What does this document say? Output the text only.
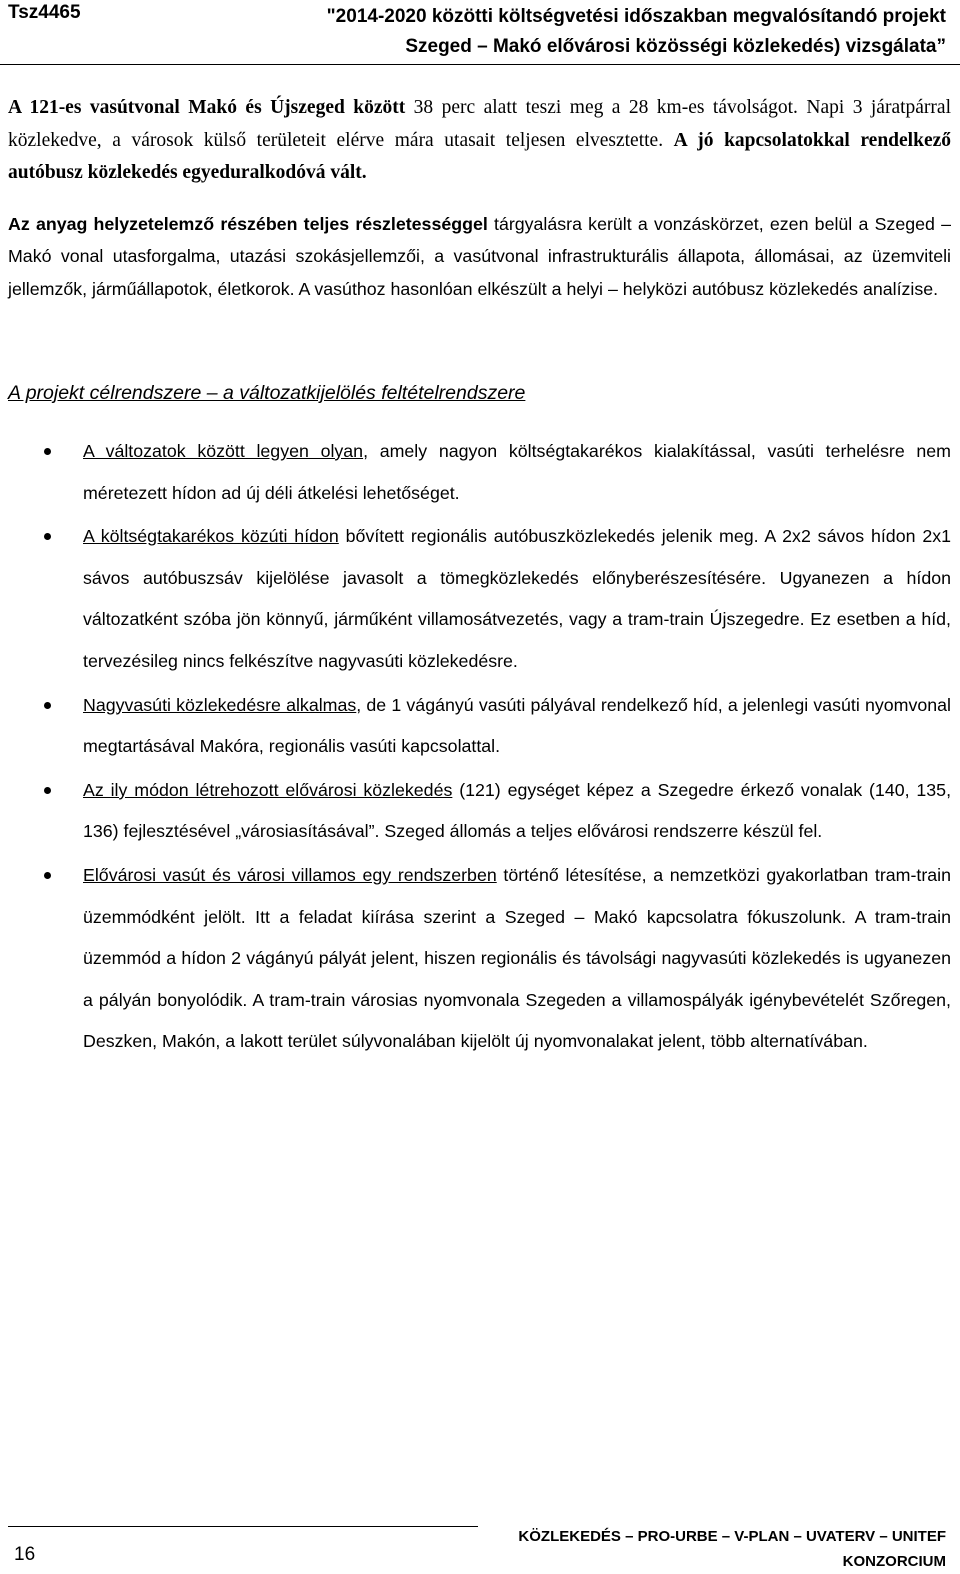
Tsz4465	"2014-2020 közötti költségvetési időszakban megvalósítandó projekt
Szeged – Makó elővárosi közösségi közlekedés) vizsgálata”

A 121-es vasútvonal Makó és Újszeged között 38 perc alatt teszi meg a 28 km-es távolságot. Napi 3 járatpárral közlekedve, a városok külső területeit elérve mára utasait teljesen elvesztette. A jó kapcsolatokkal rendelkező autóbusz közlekedés egyeduralkodóvá vált.

Az anyag helyzetelemző részében teljes részletességgel tárgyalásra került a vonzáskörzet, ezen belül a Szeged – Makó vonal utasforgalma, utazási szokásjellemzői, a vasútvonal infrastrukturális állapota, állomásai, az üzemviteli jellemzők, járműállapotok, életkorok. A vasúthoz hasonlóan elkészült a helyi – helyközi autóbusz közlekedés analízise.

A projekt célrendszere – a változatkijelölés feltételrendszere
A változatok között legyen olyan, amely nagyon költségtakarékos kialakítással, vasúti terhelésre nem méretezett hídon ad új déli átkelési lehetőséget.
A költségtakarékos közúti hídon bővített regionális autóbuszközlekedés jelenik meg. A 2x2 sávos hídon 2x1 sávos autóbuszsáv kijelölése javasolt a tömegközlekedés előnyberészesítésére. Ugyanezen a hídon változatként szóba jön könnyű, járműként villamosátvezetés, vagy a tram-train Újszegedre. Ez esetben a híd, tervezésileg nincs felkészítve nagyvasúti közlekedésre.
Nagyvasúti közlekedésre alkalmas, de 1 vágányú vasúti pályával rendelkező híd, a jelenlegi vasúti nyomvonal megtartásával Makóra, regionális vasúti kapcsolattal.
Az ily módon létrehozott elővárosi közlekedés (121) egységet képez a Szegedre érkező vonalak (140, 135, 136) fejlesztésével „városiasításával”. Szeged állomás a teljes elővárosi rendszerre készül fel.
Elővárosi vasút és városi villamos egy rendszerben történő létesítése, a nemzetközi gyakorlatban tram-train üzemmódként jelölt. Itt a feladat kiírása szerint a Szeged – Makó kapcsolatra fókuszolunk. A tram-train üzemmód a hídon 2 vágányú pályát jelent, hiszen regionális és távolsági nagyvasúti közlekedés is ugyanezen a pályán bonyolódik. A tram-train városias nyomvonala Szegeden a villamospályák igénybevételét Szőregen, Deszken, Makón, a lakott terület súlyvonalában kijelölt új nyomvonalakat jelent, több alternatívában.
16
KÖZLEKEDÉS – PRO-URBE – V-PLAN – UVATERV – UNITEF
KONZORCIUM
